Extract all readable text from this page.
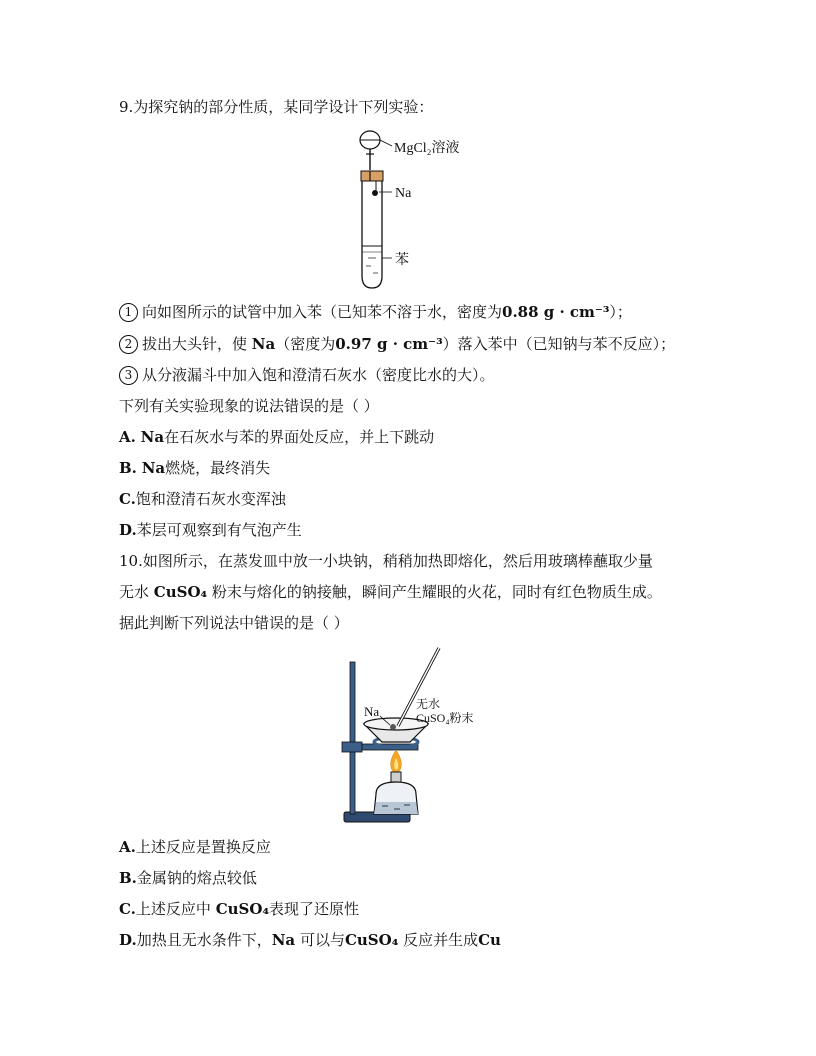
9.为探究钠的部分性质，某同学设计下列实验：
MgCl₂溶液
Na
苯
1 向如图所示的试管中加入苯（已知苯不溶于水，密度为0.88 g · cm⁻³）；
2 拔出大头针，使 Na（密度为0.97 g · cm⁻³）落入苯中（已知钠与苯不反应）；
3 从分液漏斗中加入饱和澄清石灰水（密度比水的大）。
下列有关实验现象的说法错误的是（ ）
A. Na在石灰水与苯的界面处反应，并上下跳动
B. Na燃烧，最终消失
C.饱和澄清石灰水变浑浊
D.苯层可观察到有气泡产生
10.如图所示，在蒸发皿中放一小块钠，稍稍加热即熔化，然后用玻璃棒蘸取少量
无水 CuSO₄ 粉末与熔化的钠接触，瞬间产生耀眼的火花，同时有红色物质生成。
据此判断下列说法中错误的是（ ）
Na	无水
CuSO₄粉末
A.上述反应是置换反应
B.金属钠的熔点较低
C.上述反应中 CuSO₄表现了还原性
D.加热且无水条件下，Na 可以与CuSO₄ 反应并生成Cu
